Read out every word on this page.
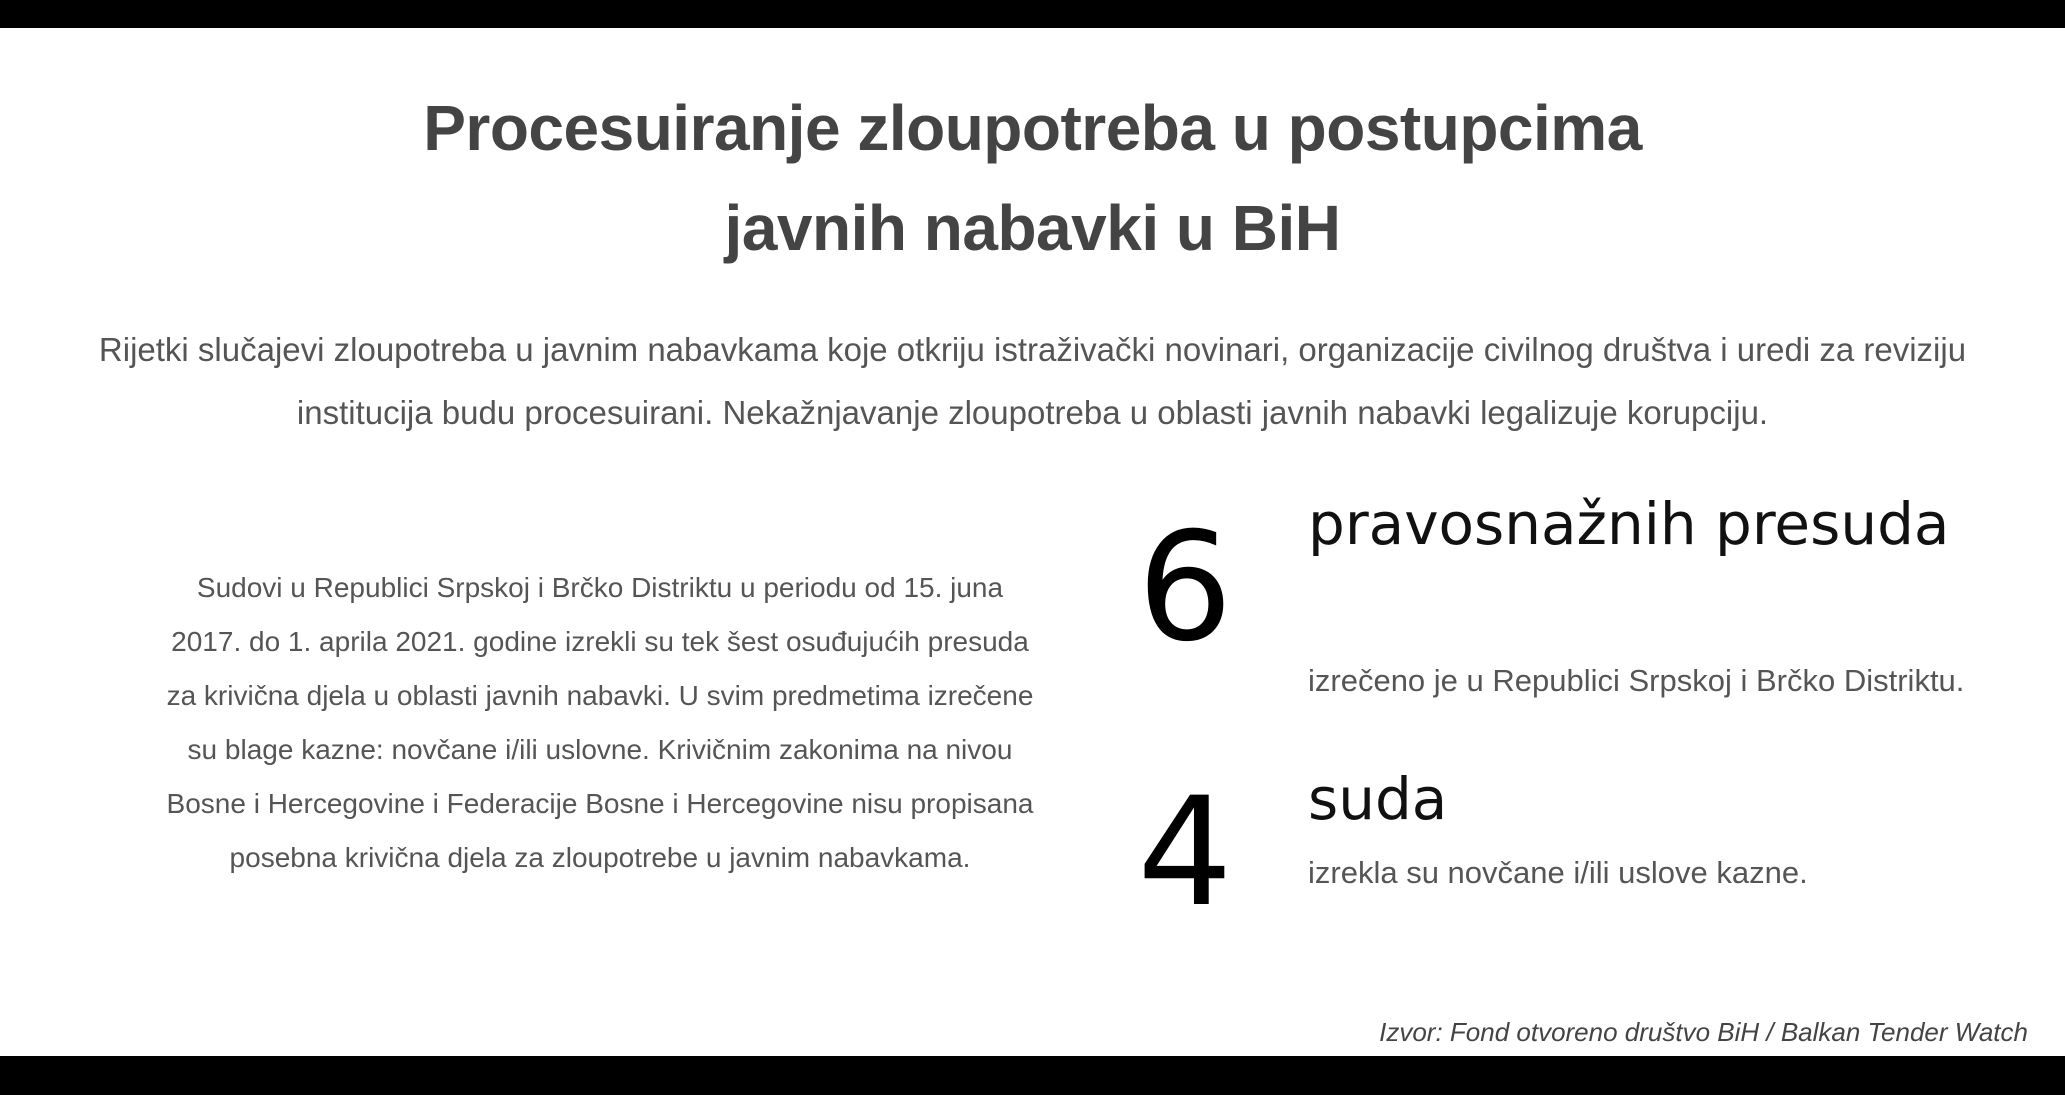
Procesuiranje zloupotreba u postupcima
javnih nabavki u BiH

Rijetki slučajevi zloupotreba u javnim nabavkama koje otkriju istraživački novinari, organizacije civilnog društva i uredi za reviziju institucija budu procesuirani. Nekažnjavanje zloupotreba u oblasti javnih nabavki legalizuje korupciju.

Sudovi u Republici Srpskoj i Brčko Distriktu u periodu od 15. juna 2017. do 1. aprila 2021. godine izrekli su tek šest osuđujućih presuda za krivična djela u oblasti javnih nabavki. U svim predmetima izrečene su blage kazne: novčane i/ili uslovne. Krivičnim zakonima na nivou Bosne i Hercegovine i Federacije Bosne i Hercegovine nisu propisana posebna krivična djela za zloupotrebe u javnim nabavkama.

6 pravosnažnih presuda
izrečeno je u Republici Srpskoj i Brčko Distriktu.
4 suda
izrekla su novčane i/ili uslove kazne.
Izvor: Fond otvoreno društvo BiH / Balkan Tender Watch
